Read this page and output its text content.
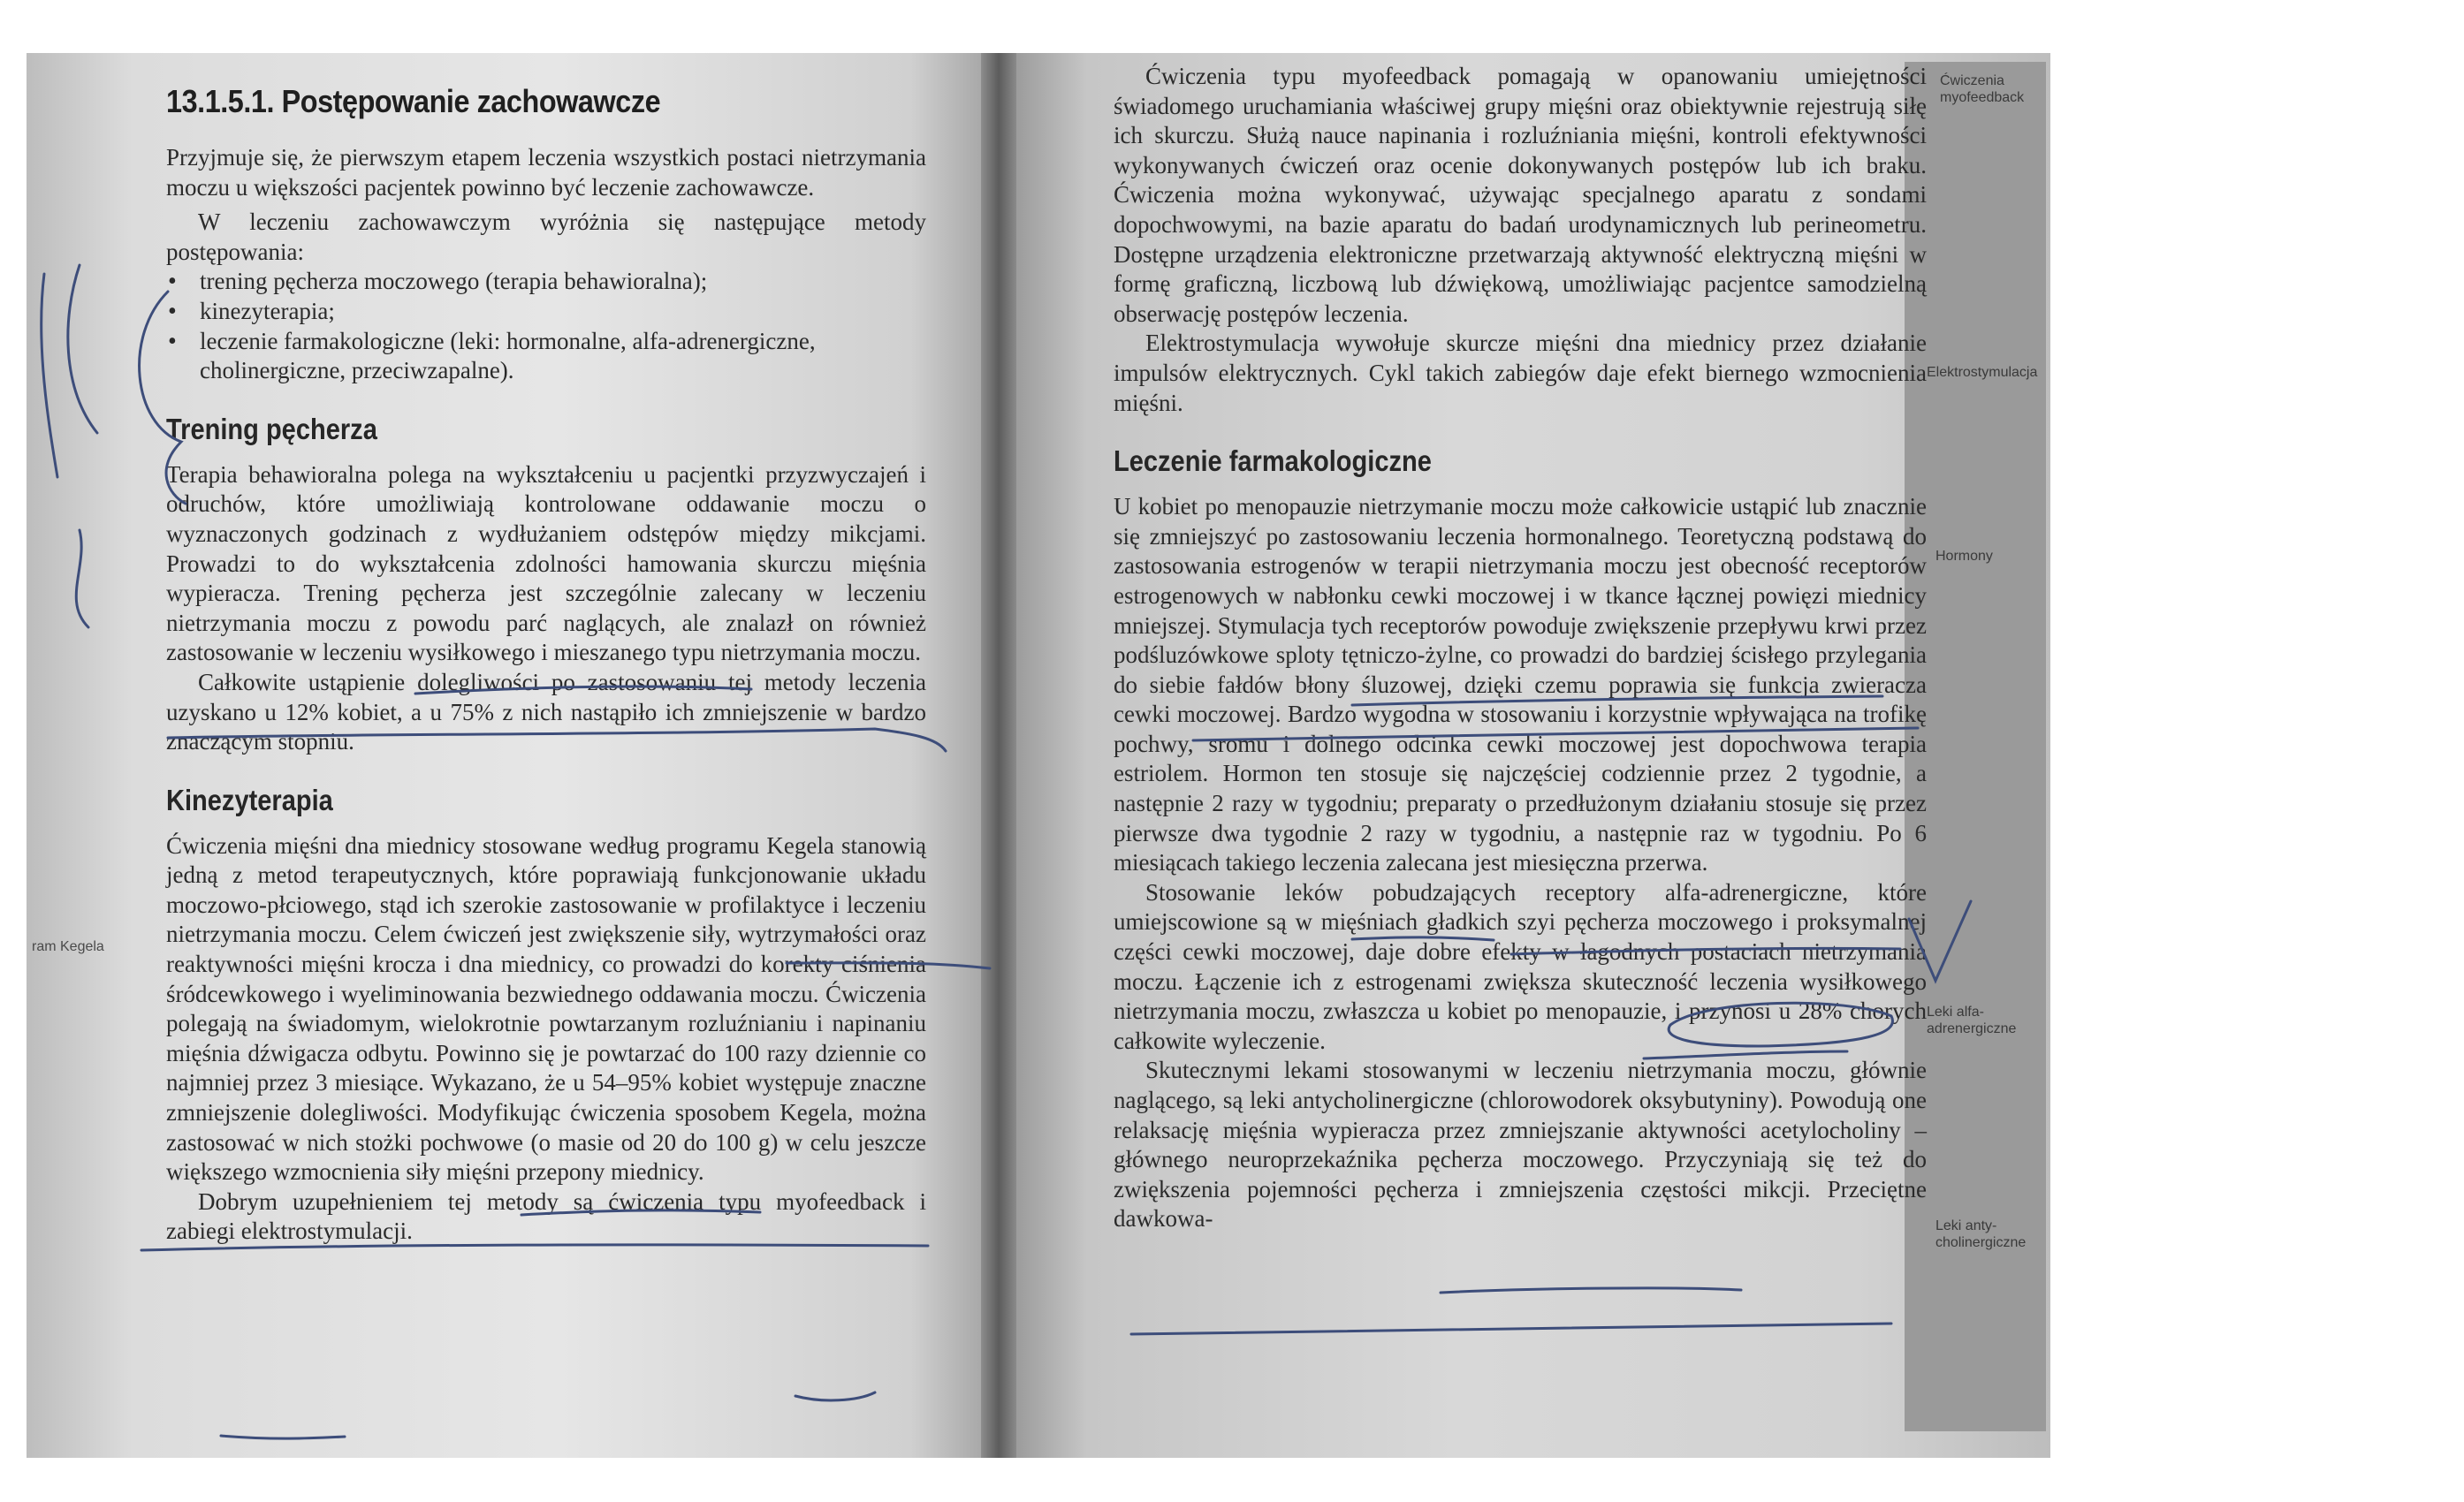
13.1.5.1. Postępowanie zachowawcze

Przyjmuje się, że pierwszym etapem leczenia wszystkich postaci nietrzymania moczu u większości pacjentek powinno być leczenie zachowawcze.

W leczeniu zachowawczym wyróżnia się następujące metody postępowania:

• trening pęcherza moczowego (terapia behawioralna);
• kinezyterapia;
• leczenie farmakologiczne (leki: hormonalne, alfa-adrenergiczne, cholinergiczne, przeciwzapalne).
Trening pęcherza

Terapia behawioralna polega na wykształceniu u pacjentki przyzwyczajeń i odruchów, które umożliwiają kontrolowane oddawanie moczu o wyznaczonych godzinach z wydłużaniem odstępów między mikcjami. Prowadzi to do wykształcenia zdolności hamowania skurczu mięśnia wypieracza. Trening pęcherza jest szczególnie zalecany w leczeniu nietrzymania moczu z powodu parć naglących, ale znalazł on również zastosowanie w leczeniu wysiłkowego i mieszanego typu nietrzymania moczu.

Całkowite ustąpienie dolegliwości po zastosowaniu tej metody leczenia uzyskano u 12% kobiet, a u 75% z nich nastąpiło ich zmniejszenie w bardzo znaczącym stopniu.

Kinezyterapia

Ćwiczenia mięśni dna miednicy stosowane według programu Kegela stanowią jedną z metod terapeutycznych, które poprawiają funkcjonowanie układu moczowo-płciowego, stąd ich szerokie zastosowanie w profilaktyce i leczeniu nietrzymania moczu. Celem ćwiczeń jest zwiększenie siły, wytrzymałości oraz reaktywności mięśni krocza i dna miednicy, co prowadzi do korekty ciśnienia śródcewkowego i wyeliminowania bezwiednego oddawania moczu. Ćwiczenia polegają na świadomym, wielokrotnie powtarzanym rozluźnianiu i napinaniu mięśnia dźwigacza odbytu. Powinno się je powtarzać do 100 razy dziennie co najmniej przez 3 miesiące. Wykazano, że u 54–95% kobiet występuje znaczne zmniejszenie dolegliwości. Modyfikując ćwiczenia sposobem Kegela, można zastosować w nich stożki pochwowe (o masie od 20 do 100 g) w celu jeszcze większego wzmocnienia siły mięśni przepony miednicy.

Dobrym uzupełnieniem tej metody są ćwiczenia typu myofeedback i zabiegi elektrostymulacji.

ram Kegela

Ćwiczenia typu myofeedback pomagają w opanowaniu umiejętności świadomego uruchamiania właściwej grupy mięśni oraz obiektywnie rejestrują siłę ich skurczu. Służą nauce napinania i rozluźniania mięśni, kontroli efektywności wykonywanych ćwiczeń oraz ocenie dokonywanych postępów lub ich braku. Ćwiczenia można wykonywać, używając specjalnego aparatu z sondami dopochwowymi, na bazie aparatu do badań urodynamicznych lub perineometru. Dostępne urządzenia elektroniczne przetwarzają aktywność elektryczną mięśni w formę graficzną, liczbową lub dźwiękową, umożliwiając pacjentce samodzielną obserwację postępów leczenia.

Elektrostymulacja wywołuje skurcze mięśni dna miednicy przez działanie impulsów elektrycznych. Cykl takich zabiegów daje efekt biernego wzmocnienia mięśni.

Leczenie farmakologiczne

U kobiet po menopauzie nietrzymanie moczu może całkowicie ustąpić lub znacznie się zmniejszyć po zastosowaniu leczenia hormonalnego. Teoretyczną podstawą do zastosowania estrogenów w terapii nietrzymania moczu jest obecność receptorów estrogenowych w nabłonku cewki moczowej i w tkance łącznej powięzi miednicy mniejszej. Stymulacja tych receptorów powoduje zwiększenie przepływu krwi przez podśluzówkowe sploty tętniczo-żylne, co prowadzi do bardziej ścisłego przylegania do siebie fałdów błony śluzowej, dzięki czemu poprawia się funkcja zwieracza cewki moczowej. Bardzo wygodna w stosowaniu i korzystnie wpływająca na trofikę pochwy, sromu i dolnego odcinka cewki moczowej jest dopochwowa terapia estriolem. Hormon ten stosuje się najczęściej codziennie przez 2 tygodnie, a następnie 2 razy w tygodniu; preparaty o przedłużonym działaniu stosuje się przez pierwsze dwa tygodnie 2 razy w tygodniu, a następnie raz w tygodniu. Po 6 miesiącach takiego leczenia zalecana jest miesięczna przerwa.

Stosowanie leków pobudzających receptory alfa-adrenergiczne, które umiejscowione są w mięśniach gładkich szyi pęcherza moczowego i proksymalnej części cewki moczowej, daje dobre efekty w łagodnych postaciach nietrzymania moczu. Łączenie ich z estrogenami zwiększa skuteczność leczenia wysiłkowego nietrzymania moczu, zwłaszcza u kobiet po menopauzie, i przynosi u 28% chorych całkowite wyleczenie.

Skutecznymi lekami stosowanymi w leczeniu nietrzymania moczu, głównie naglącego, są leki antycholinergiczne (chlorowodorek oksybutyniny). Powodują one relaksację mięśnia wypieracza przez zmniejszanie aktywności acetylocholiny – głównego neuroprzekaźnika pęcherza moczowego. Przyczyniają się też do zwiększenia pojemności pęcherza i zmniejszenia częstości mikcji. Przeciętne dawkowa-

Ćwiczenia myofeedback
Elektrostymulacja
Hormony
Leki alfa-adrenergiczne
Leki anty-cholinergiczne
